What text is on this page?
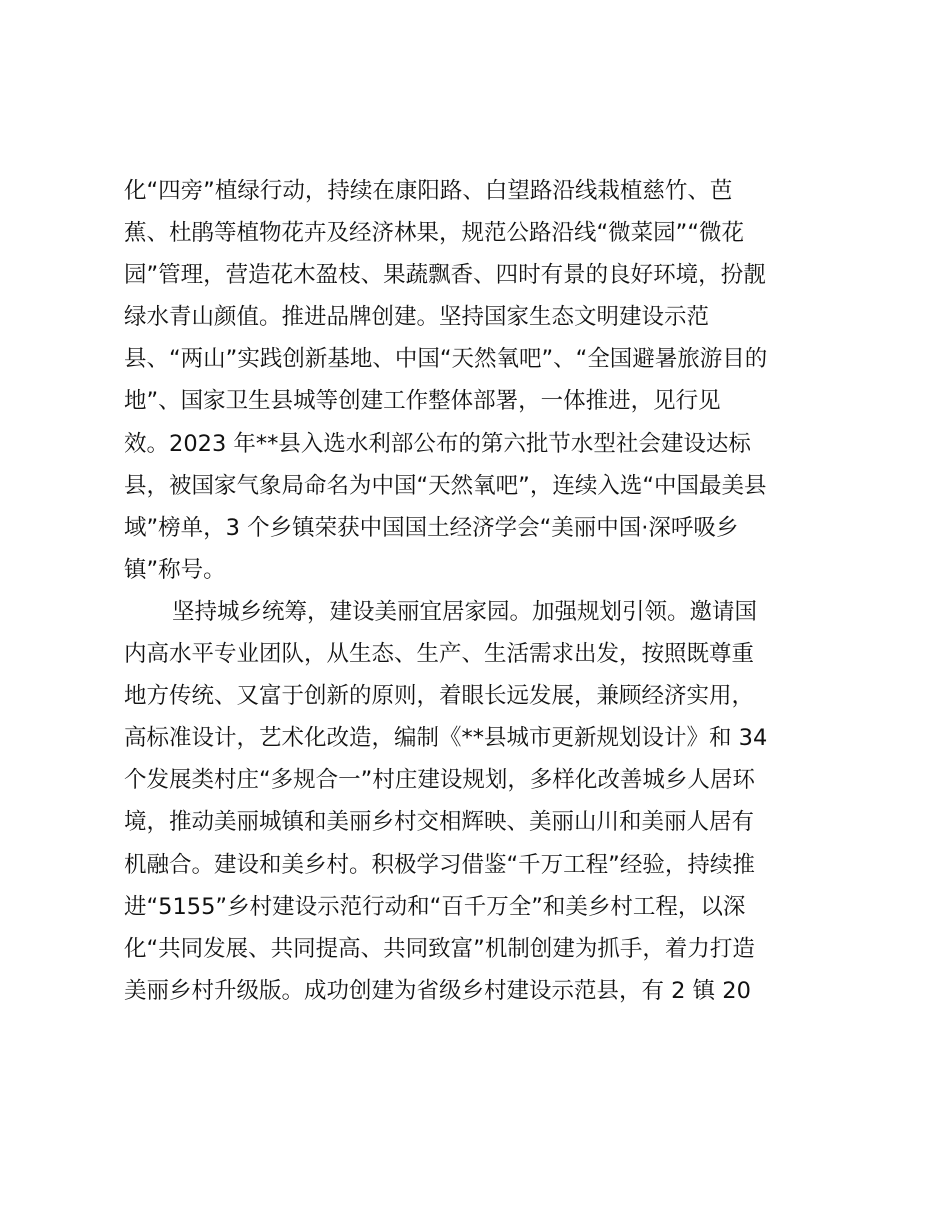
化“四旁”植绿行动，持续在康阳路、白望路沿线栽植慈竹、芭
蕉、杜鹃等植物花卉及经济林果，规范公路沿线“微菜园”“微花
园”管理，营造花木盈枝、果蔬飘香、四时有景的良好环境，扮靓
绿水青山颜值。推进品牌创建。坚持国家生态文明建设示范
县、“两山”实践创新基地、中国“天然氧吧”、“全国避暑旅游目的
地”、国家卫生县城等创建工作整体部署，一体推进，见行见
效。2023 年**县入选水利部公布的第六批节水型社会建设达标
县，被国家气象局命名为中国“天然氧吧”，连续入选“中国最美县
域”榜单，3 个乡镇荣获中国国土经济学会“美丽中国·深呼吸乡
镇”称号。
坚持城乡统筹，建设美丽宜居家园。加强规划引领。邀请国
内高水平专业团队，从生态、生产、生活需求出发，按照既尊重
地方传统、又富于创新的原则，着眼长远发展，兼顾经济实用，
高标准设计，艺术化改造，编制《**县城市更新规划设计》和 34
个发展类村庄“多规合一”村庄建设规划，多样化改善城乡人居环
境，推动美丽城镇和美丽乡村交相辉映、美丽山川和美丽人居有
机融合。建设和美乡村。积极学习借鉴“千万工程”经验，持续推
进“5155”乡村建设示范行动和“百千万全”和美乡村工程，以深
化“共同发展、共同提高、共同致富”机制创建为抓手，着力打造
美丽乡村升级版。成功创建为省级乡村建设示范县，有 2 镇 20
